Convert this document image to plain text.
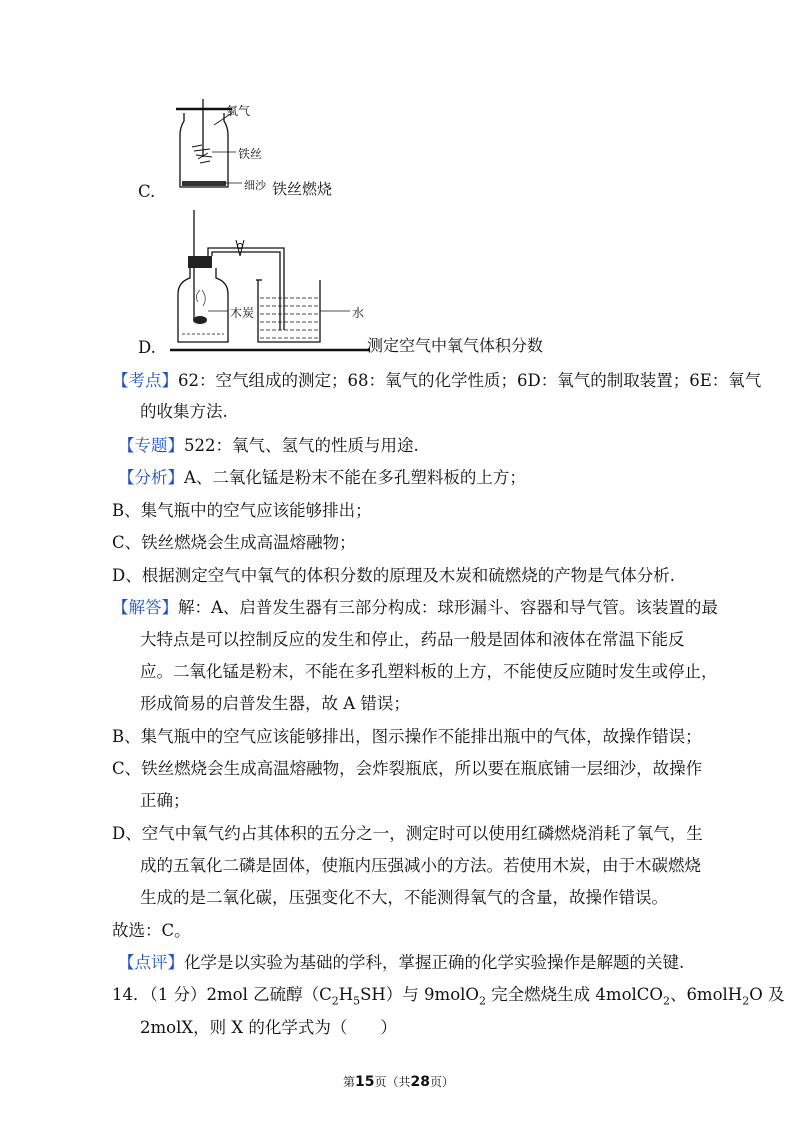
氧气
铁丝
细沙 铁丝燃烧
C.
木炭	水
D.	测定空气中氧气体积分数
【考点】62：空气组成的测定；68：氧气的化学性质；6D：氧气的制取装置；6E：氧气
的收集方法.
【专题】522：氧气、氢气的性质与用途.
【分析】A、二氧化锰是粉末不能在多孔塑料板的上方；
B、集气瓶中的空气应该能够排出；
C、铁丝燃烧会生成高温熔融物；
D、根据测定空气中氧气的体积分数的原理及木炭和硫燃烧的产物是气体分析.
【解答】解：A、启普发生器有三部分构成：球形漏斗、容器和导气管。该装置的最
大特点是可以控制反应的发生和停止，药品一般是固体和液体在常温下能反
应。二氧化锰是粉末，不能在多孔塑料板的上方，不能使反应随时发生或停止，
形成简易的启普发生器，故 A 错误；
B、集气瓶中的空气应该能够排出，图示操作不能排出瓶中的气体，故操作错误；
C、铁丝燃烧会生成高温熔融物，会炸裂瓶底，所以要在瓶底铺一层细沙，故操作
正确；
D、空气中氧气约占其体积的五分之一，测定时可以使用红磷燃烧消耗了氧气，生
成的五氧化二磷是固体，使瓶内压强减小的方法。若使用木炭，由于木碳燃烧
生成的是二氧化碳，压强变化不大，不能测得氧气的含量，故操作错误。
故选：C。
【点评】化学是以实验为基础的学科，掌握正确的化学实验操作是解题的关键.
14．（1 分）2mol 乙硫醇$(C_2H_5SH)$与 9molO$_2$ 完全燃烧生成 4molCO$_2$、6molH$_2$O 及
2molX，则 X 的化学式为（　　）
第15页（共28页）
